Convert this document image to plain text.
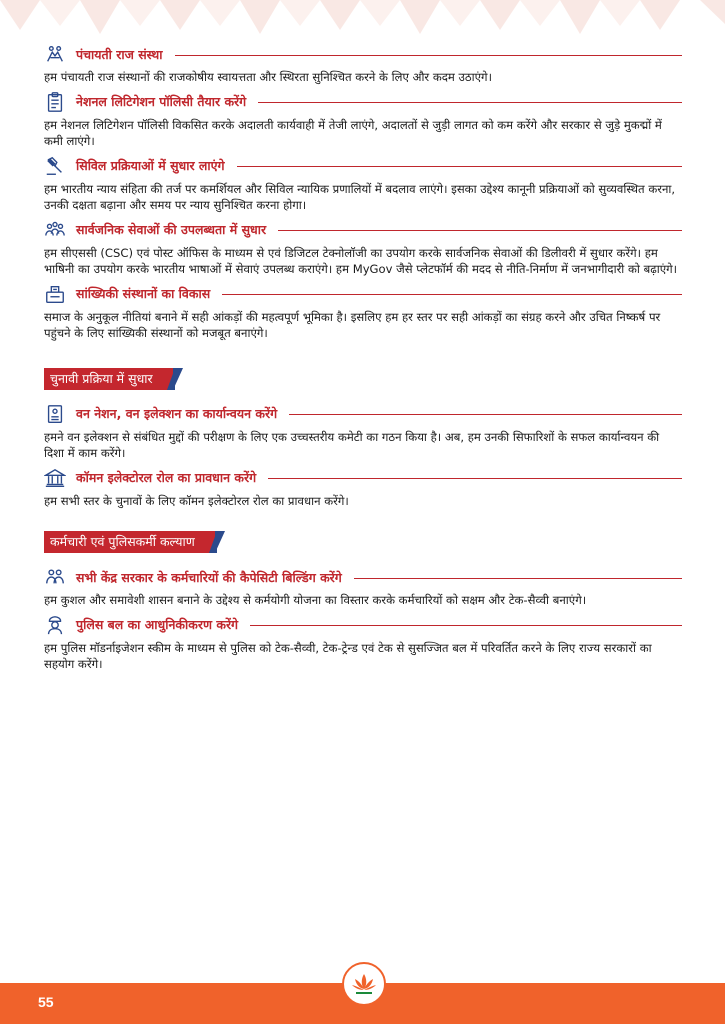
पंचायती राज संस्था

हम पंचायती राज संस्थानों की राजकोषीय स्वायत्तता और स्थिरता सुनिश्चित करने के लिए और कदम उठाएंगे।

नेशनल लिटिगेशन पॉलिसी तैयार करेंगे

हम नेशनल लिटिगेशन पॉलिसी विकसित करके अदालती कार्यवाही में तेजी लाएंगे, अदालतों से जुड़ी लागत को कम करेंगे और सरकार से जुड़े मुकद्मों में कमी लाएंगे।

सिविल प्रक्रियाओं में सुधार लाएंगे

हम भारतीय न्याय संहिता की तर्ज पर कमर्शियल और सिविल न्यायिक प्रणालियों में बदलाव लाएंगे। इसका उद्देश्य कानूनी प्रक्रियाओं को सुव्यवस्थित करना, उनकी दक्षता बढ़ाना और समय पर न्याय सुनिश्चित करना होगा।

सार्वजनिक सेवाओं की उपलब्धता में सुधार

हम सीएससी (CSC) एवं पोस्ट ऑफिस के माध्यम से एवं डिजिटल टेक्नोलॉजी का उपयोग करके सार्वजनिक सेवाओं की डिलीवरी में सुधार करेंगे। हम भाषिनी का उपयोग करके भारतीय भाषाओं में सेवाएं उपलब्ध कराएंगे। हम MyGov जैसे प्लेटफॉर्म की मदद से नीति-निर्माण में जनभागीदारी को बढ़ाएंगे।

सांख्यिकी संस्थानों का विकास

समाज के अनुकूल नीतियां बनाने में सही आंकड़ों की महत्वपूर्ण भूमिका है। इसलिए हम हर स्तर पर सही आंकड़ों का संग्रह करने और उचित निष्कर्ष पर पहुंचने के लिए सांख्यिकी संस्थानों को मजबूत बनाएंगे।

चुनावी प्रक्रिया में सुधार
वन नेशन, वन इलेक्शन का कार्यान्वयन करेंगे

हमने वन इलेक्शन से संबंधित मुद्दों की परीक्षण के लिए एक उच्चस्तरीय कमेटी का गठन किया है। अब, हम उनकी सिफारिशों के सफल कार्यान्वयन की दिशा में काम करेंगे।

कॉमन इलेक्टोरल रोल का प्रावधान करेंगे

हम सभी स्तर के चुनावों के लिए कॉमन इलेक्टोरल रोल का प्रावधान करेंगे।

कर्मचारी एवं पुलिसकर्मी कल्याण
सभी केंद्र सरकार के कर्मचारियों की कैपेसिटी बिल्डिंग करेंगे

हम कुशल और समावेशी शासन बनाने के उद्देश्य से कर्मयोगी योजना का विस्तार करके कर्मचारियों को सक्षम और टेक-सैव्वी बनाएंगे।

पुलिस बल का आधुनिकीकरण करेंगे

हम पुलिस मॉडर्नाइजेशन स्कीम के माध्यम से पुलिस को टेक-सैव्वी, टेक-ट्रेन्ड एवं टेक से सुसज्जित बल में परिवर्तित करने के लिए राज्य सरकारों का सहयोग करेंगे।

55
